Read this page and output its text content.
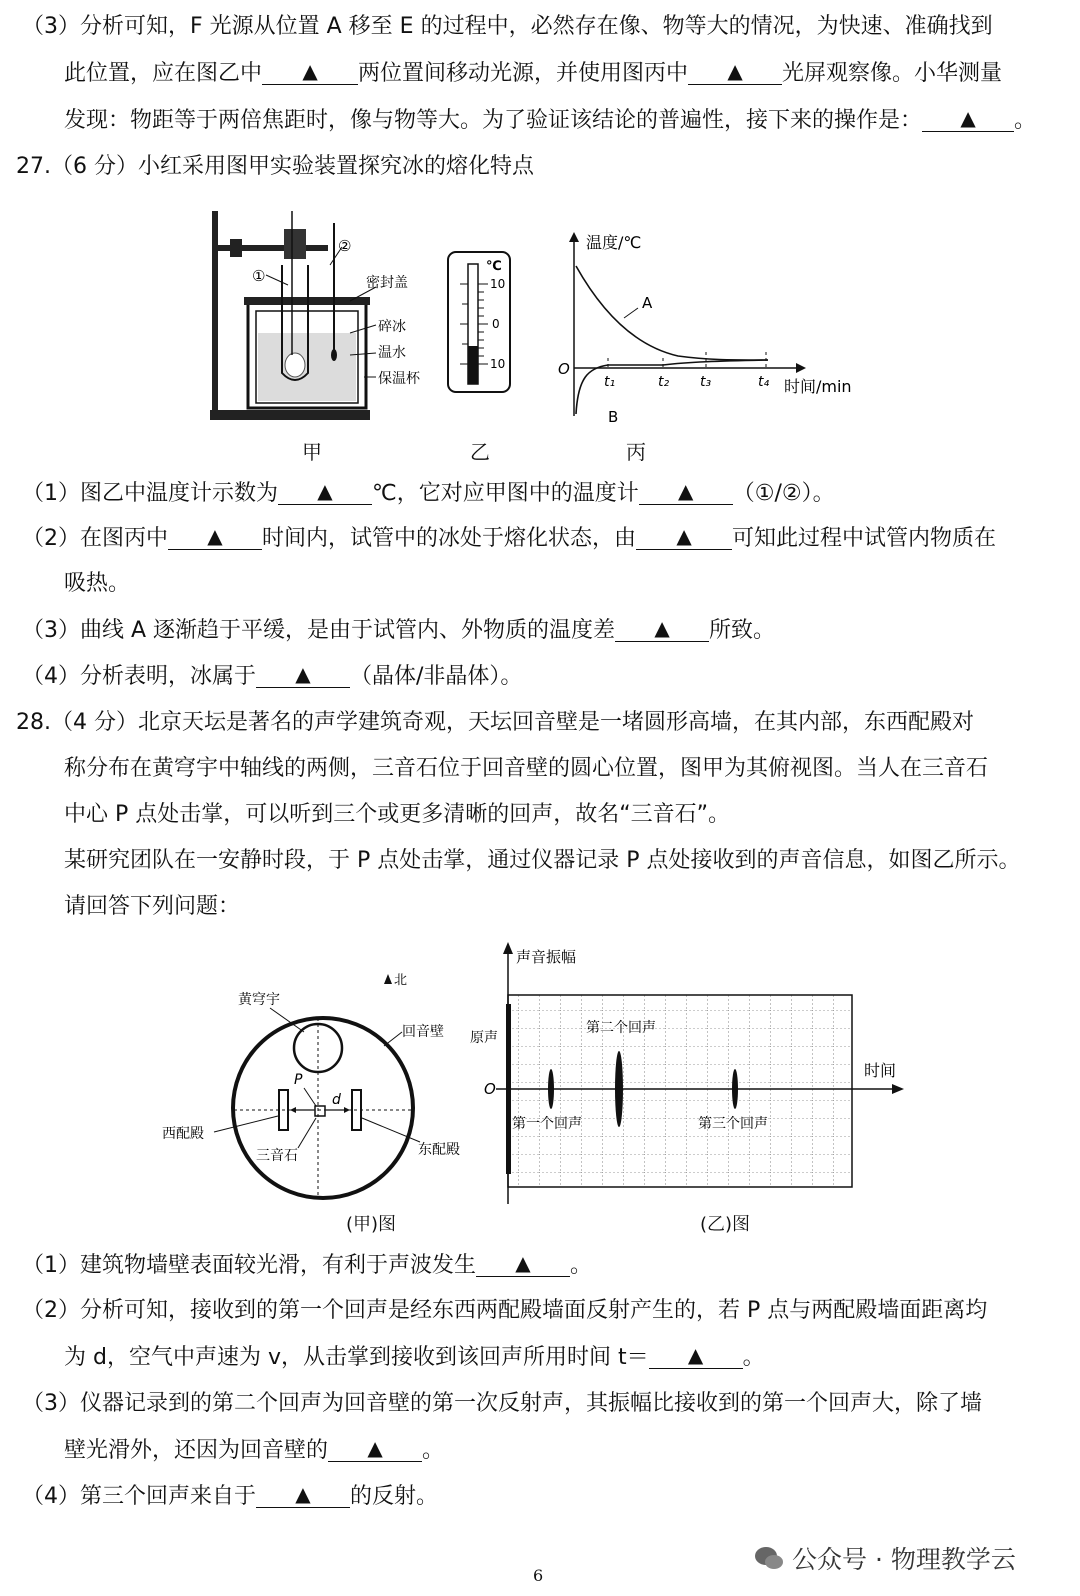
（3）分析可知，F 光源从位置 A 移至 E 的过程中，必然存在像、物等大的情况，为快速、准确找到
此位置，应在图乙中 ▲ 两位置间移动光源，并使用图丙中 ▲ 光屏观察像。小华测量
发现：物距等于两倍焦距时，像与物等大。为了验证该结论的普遍性，接下来的操作是： ▲ 。
27.（6 分）小红采用图甲实验装置探究冰的熔化特点
①
②
密封盖
碎冰
温水
保温杯
甲
℃
10
0
10
乙
温度/℃
时间/min
O
A
B
t₁	t₂ t₃	t₄
丙
（1）图乙中温度计示数为 ▲ ℃，它对应甲图中的温度计 ▲ （①/②）。
（2）在图丙中 ▲ 时间内，试管中的冰处于熔化状态，由 ▲ 可知此过程中试管内物质在
吸热。
（3）曲线 A 逐渐趋于平缓，是由于试管内、外物质的温度差 ▲ 所致。
（4）分析表明，冰属于 ▲ （晶体/非晶体）。
28.（4 分）北京天坛是著名的声学建筑奇观，天坛回音壁是一堵圆形高墙，在其内部，东西配殿对
称分布在黄穹宇中轴线的两侧，三音石位于回音壁的圆心位置，图甲为其俯视图。当人在三音石
中心 P 点处击掌，可以听到三个或更多清晰的回声，故名“三音石”。
某研究团队在一安静时段，于 P 点处击掌，通过仪器记录 P 点处接收到的声音信息，如图乙所示。
请回答下列问题：
北
黄穹宇
回音壁
P
d
西配殿
三音石	东配殿
(甲)图
声音振幅
时间
O
原声
第一个回声
第二个回声
第三个回声
(乙)图
（1）建筑物墙壁表面较光滑，有利于声波发生 ▲ 。
（2）分析可知，接收到的第一个回声是经东西两配殿墙面反射产生的，若 P 点与两配殿墙面距离均
为 d，空气中声速为 v，从击掌到接收到该回声所用时间 t＝ ▲ 。
（3）仪器记录到的第二个回声为回音壁的第一次反射声，其振幅比接收到的第一个回声大，除了墙
壁光滑外，还因为回音壁的 ▲ 。
（4）第三个回声来自于 ▲ 的反射。
公众号 · 物理教学云
6
